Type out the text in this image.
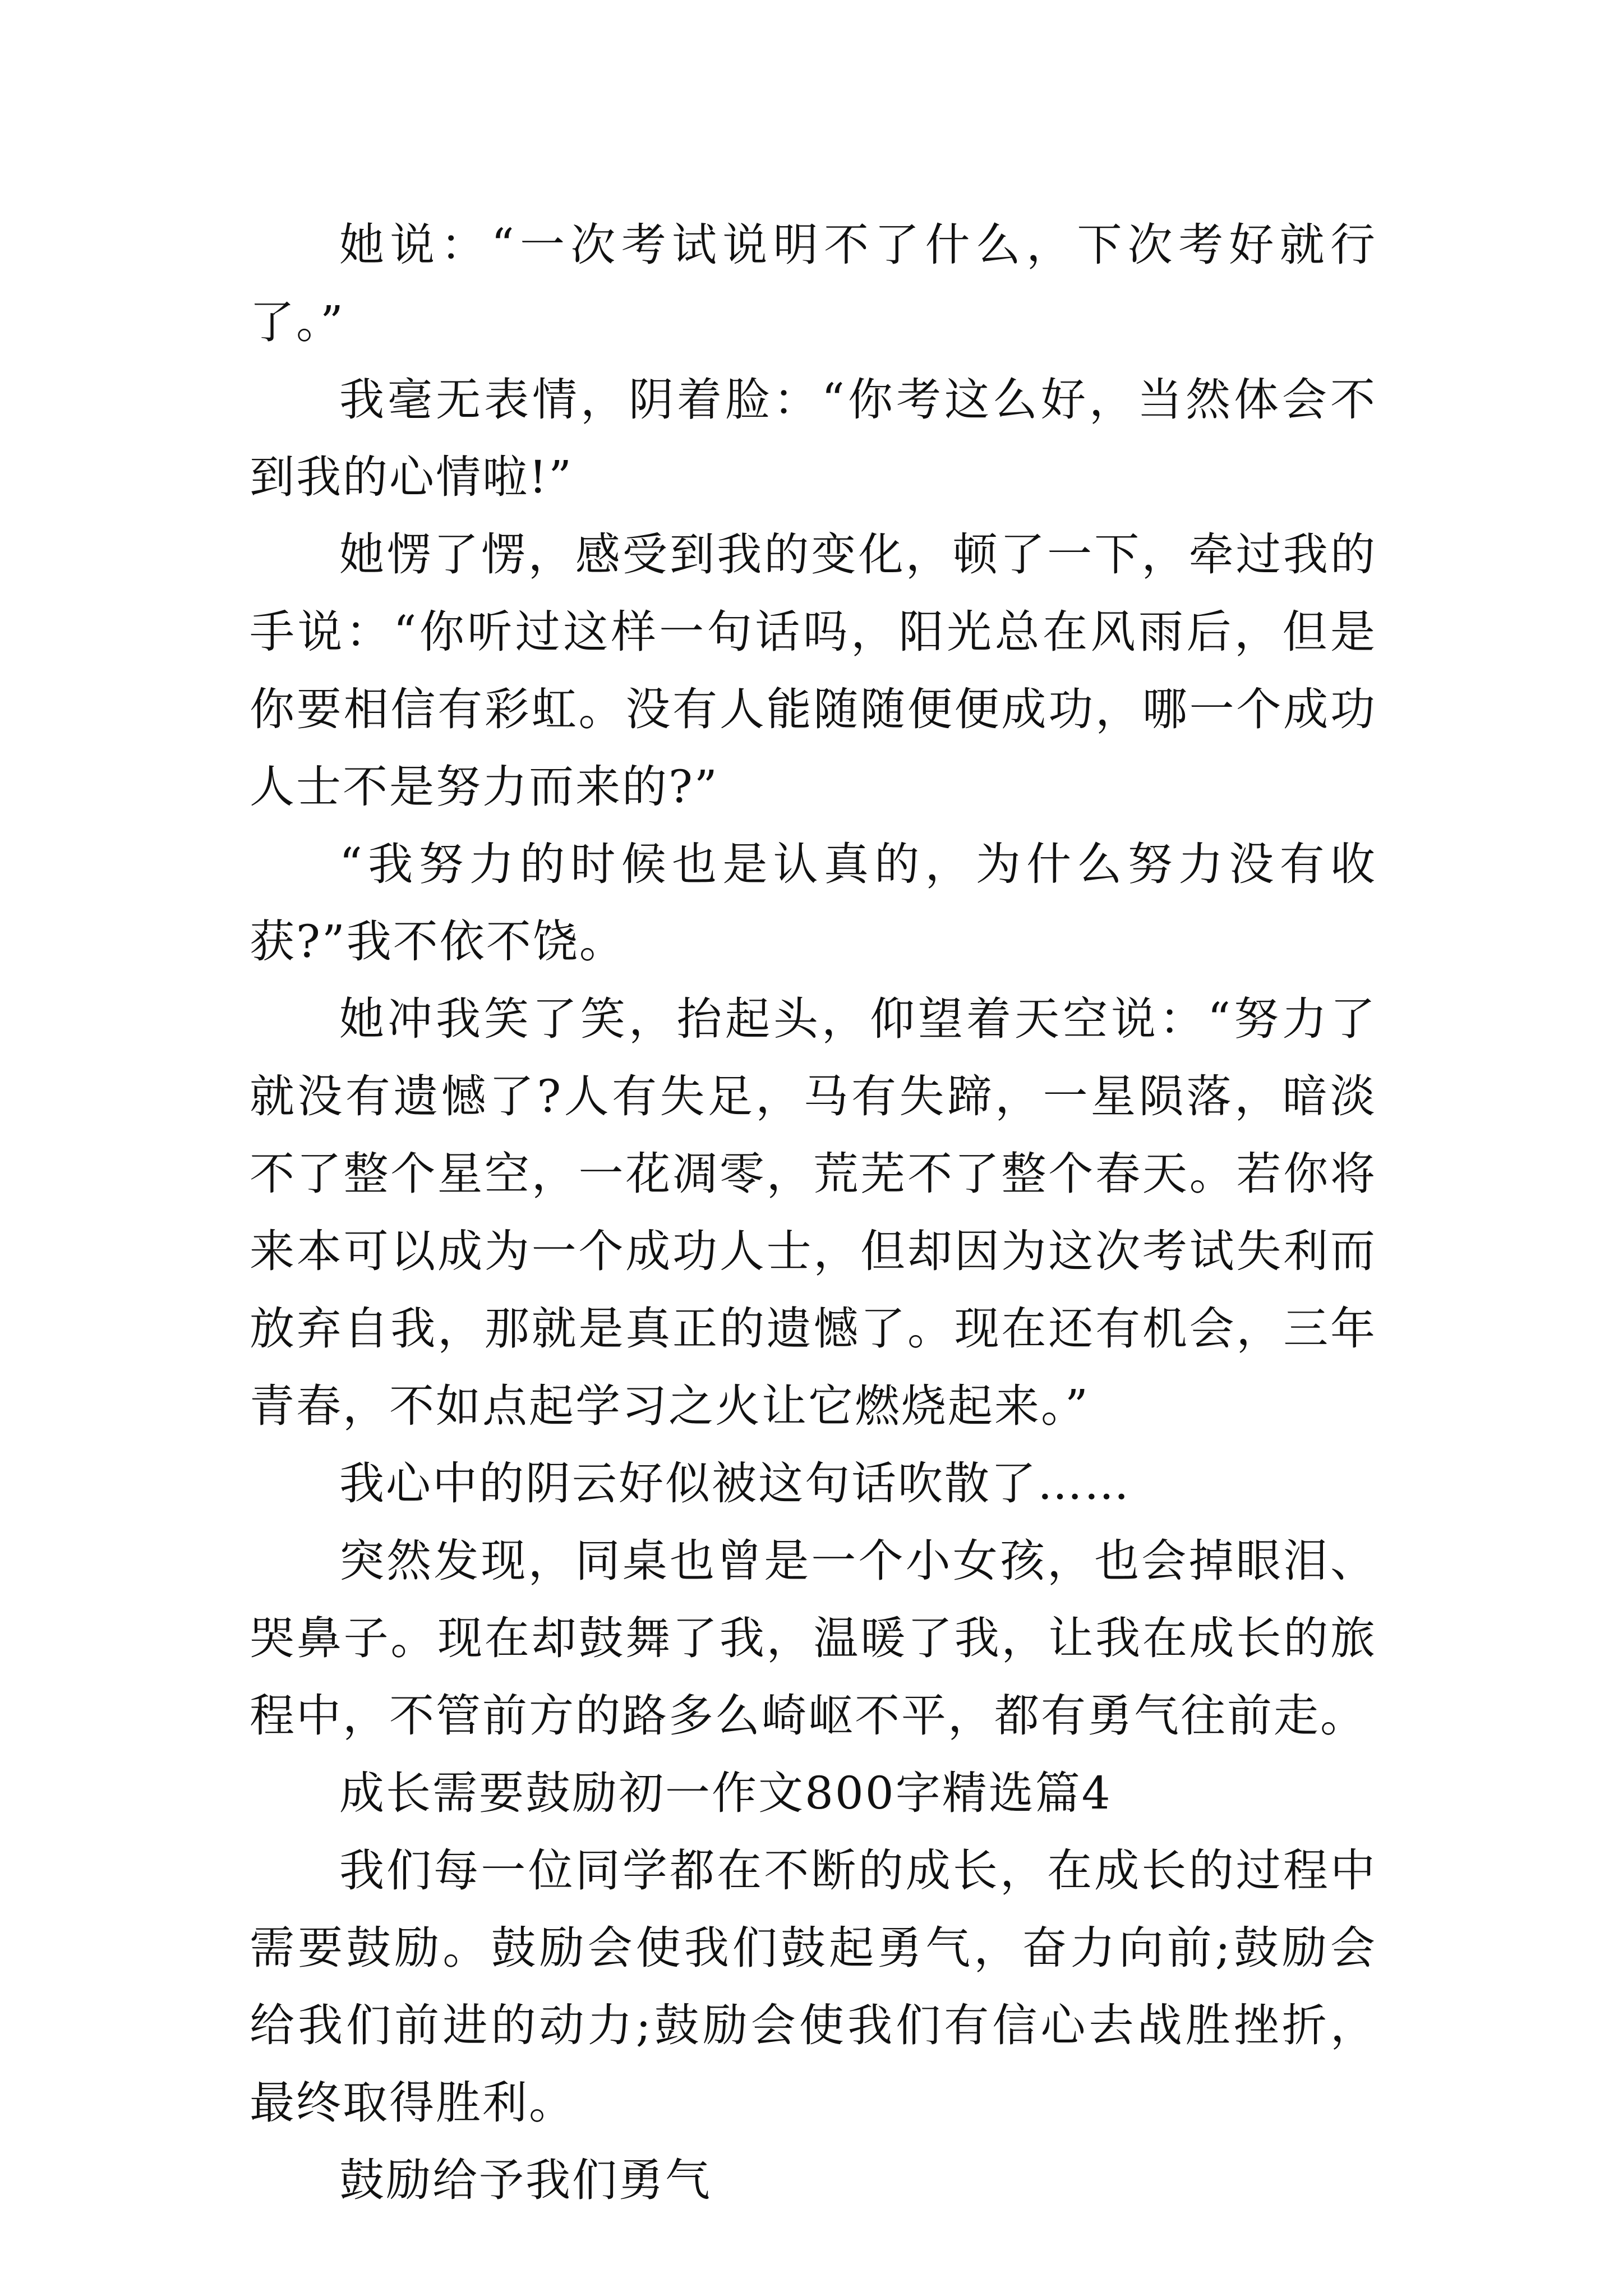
她说：“一次考试说明不了什么，下次考好就行了。”

我毫无表情，阴着脸：“你考这么好，当然体会不到我的心情啦!”

她愣了愣，感受到我的变化，顿了一下，牵过我的手说：“你听过这样一句话吗，阳光总在风雨后，但是你要相信有彩虹。没有人能随随便便成功，哪一个成功人士不是努力而来的?”

“我努力的时候也是认真的，为什么努力没有收获?”我不依不饶。

她冲我笑了笑，抬起头，仰望着天空说：“努力了就没有遗憾了?人有失足，马有失蹄，一星陨落，暗淡不了整个星空，一花凋零，荒芜不了整个春天。若你将来本可以成为一个成功人士，但却因为这次考试失利而放弃自我，那就是真正的遗憾了。现在还有机会，三年青春，不如点起学习之火让它燃烧起来。”

我心中的阴云好似被这句话吹散了……

突然发现，同桌也曾是一个小女孩，也会掉眼泪、哭鼻子。现在却鼓舞了我，温暖了我，让我在成长的旅程中，不管前方的路多么崎岖不平，都有勇气往前走。

成长需要鼓励初一作文800字精选篇4

我们每一位同学都在不断的成长，在成长的过程中需要鼓励。鼓励会使我们鼓起勇气，奋力向前;鼓励会给我们前进的动力;鼓励会使我们有信心去战胜挫折，最终取得胜利。

鼓励给予我们勇气
